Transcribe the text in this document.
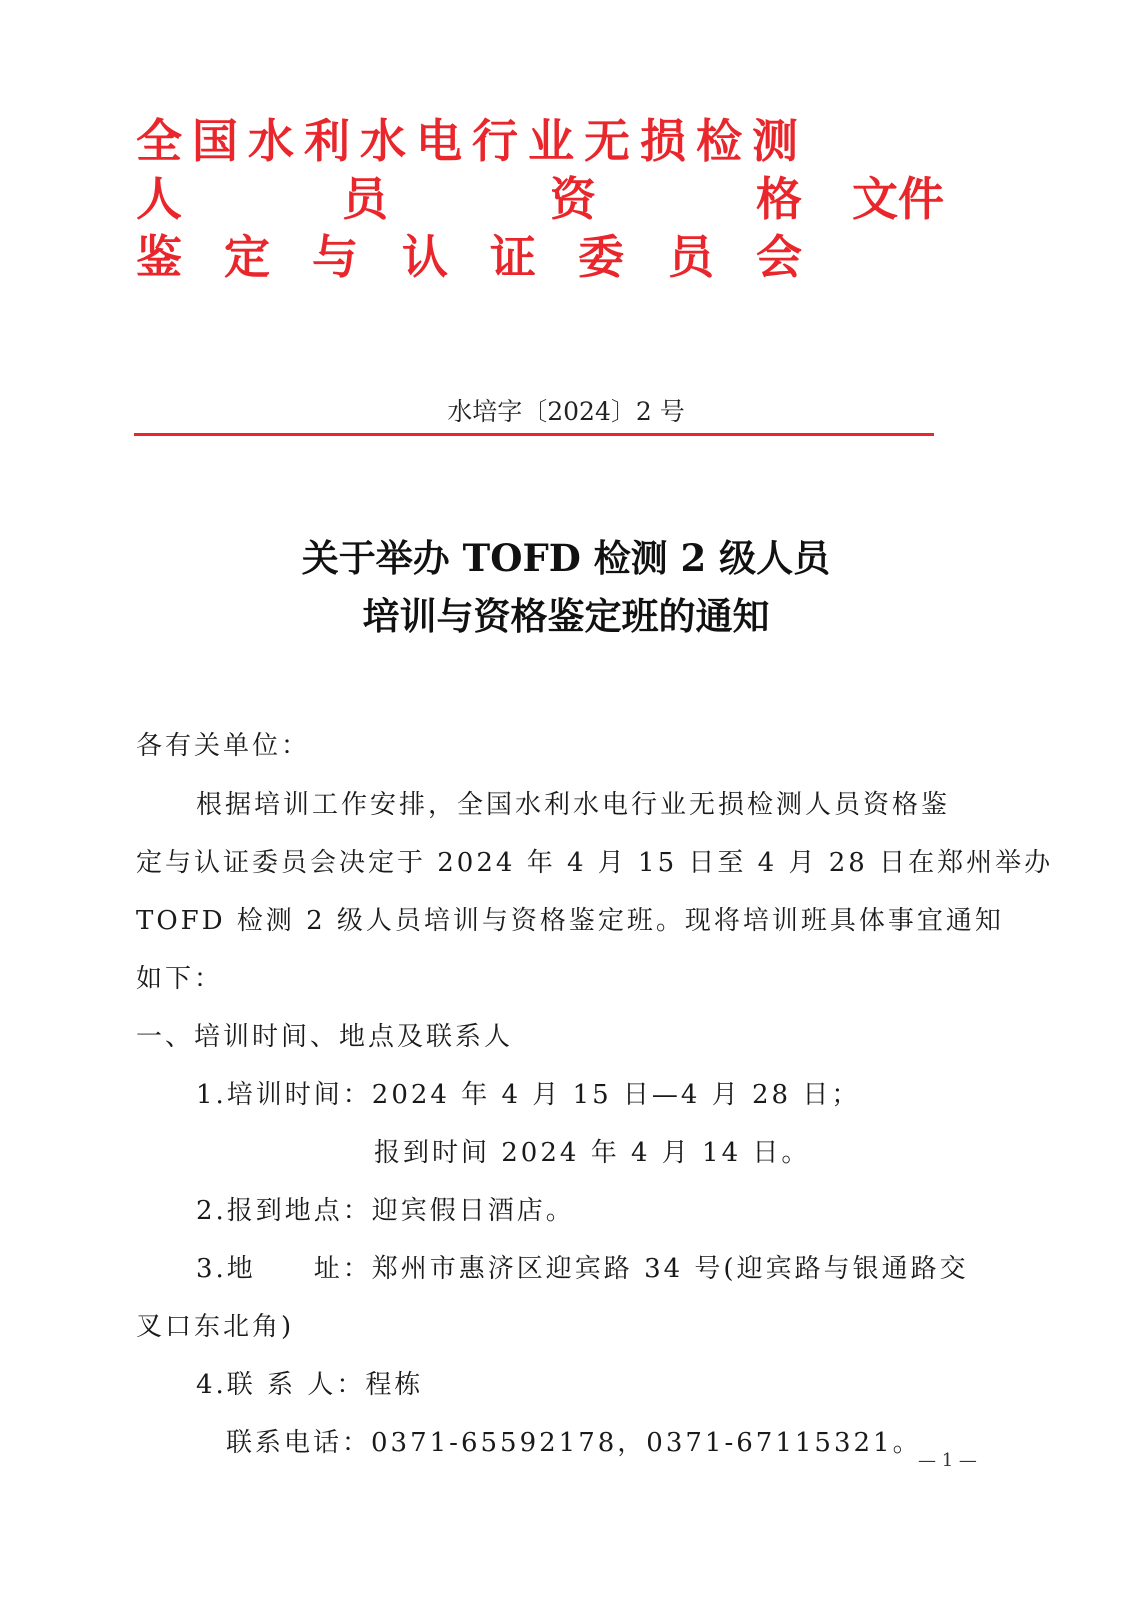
全国水利水电行业无损检测
人	员	资	格 文件
鉴 定 与 认 证 委 员 会
水培字〔2024〕2 号
关于举办 TOFD 检测 2 级人员
培训与资格鉴定班的通知
各有关单位：
根据培训工作安排，全国水利水电行业无损检测人员资格鉴
定与认证委员会决定于 2024 年 4 月 15 日至 4 月 28 日在郑州举办
TOFD 检测 2 级人员培训与资格鉴定班。现将培训班具体事宜通知
如下：
一、培训时间、地点及联系人
1.培训时间：2024 年 4 月 15 日—4 月 28 日；
报到时间 2024 年 4 月 14 日。
2.报到地点：迎宾假日酒店。
3.地　　址：郑州市惠济区迎宾路 34 号(迎宾路与银通路交
叉口东北角)
4.联 系 人：程栋
联系电话：0371-65592178，0371-67115321。
— 1 —
